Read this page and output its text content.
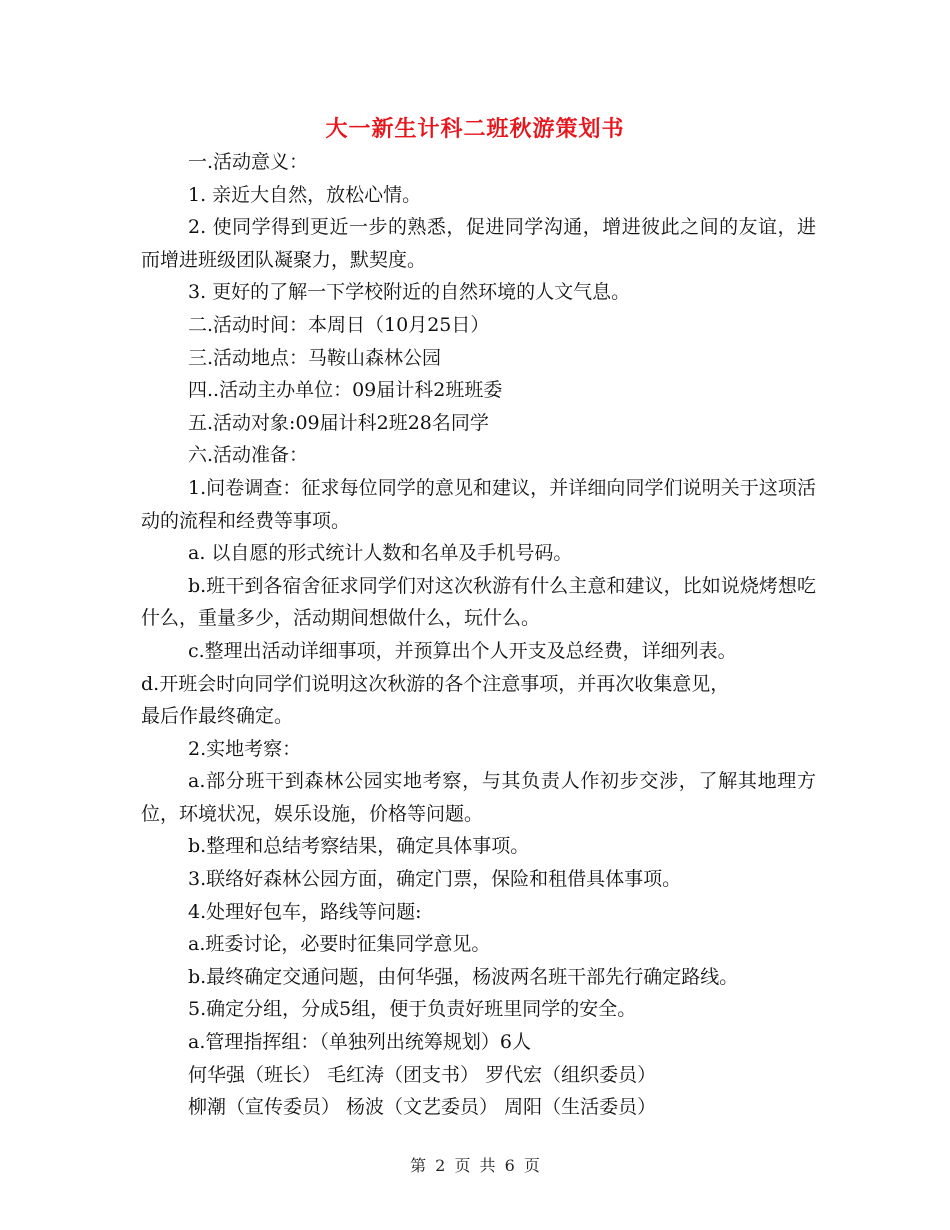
大一新生计科二班秋游策划书

一.活动意义：

1. 亲近大自然，放松心情。

2. 使同学得到更近一步的熟悉，促进同学沟通，增进彼此之间的友谊，进而增进班级团队凝聚力，默契度。

3. 更好的了解一下学校附近的自然环境的人文气息。

二.活动时间：本周日（10月25日）

三.活动地点：马鞍山森林公园

四..活动主办单位：09届计科2班班委

五.活动对象:09届计科2班28名同学

六.活动准备：

1.问卷调查：征求每位同学的意见和建议，并详细向同学们说明关于这项活动的流程和经费等事项。

a. 以自愿的形式统计人数和名单及手机号码。

b.班干到各宿舍征求同学们对这次秋游有什么主意和建议，比如说烧烤想吃什么，重量多少，活动期间想做什么，玩什么。

c.整理出活动详细事项，并预算出个人开支及总经费，详细列表。

d.开班会时向同学们说明这次秋游的各个注意事项，并再次收集意见，

最后作最终确定。

2.实地考察：

a.部分班干到森林公园实地考察，与其负责人作初步交涉，了解其地理方位，环境状况，娱乐设施，价格等问题。

b.整理和总结考察结果，确定具体事项。

3.联络好森林公园方面，确定门票，保险和租借具体事项。

4.处理好包车，路线等问题:

a.班委讨论，必要时征集同学意见。

b.最终确定交通问题，由何华强，杨波两名班干部先行确定路线。

5.确定分组，分成5组，便于负责好班里同学的安全。

a.管理指挥组：（单独列出统筹规划）6人

何华强（班长） 毛红涛（团支书） 罗代宏（组织委员）

柳潮（宣传委员） 杨波（文艺委员） 周阳（生活委员）

第 2 页 共 6 页
